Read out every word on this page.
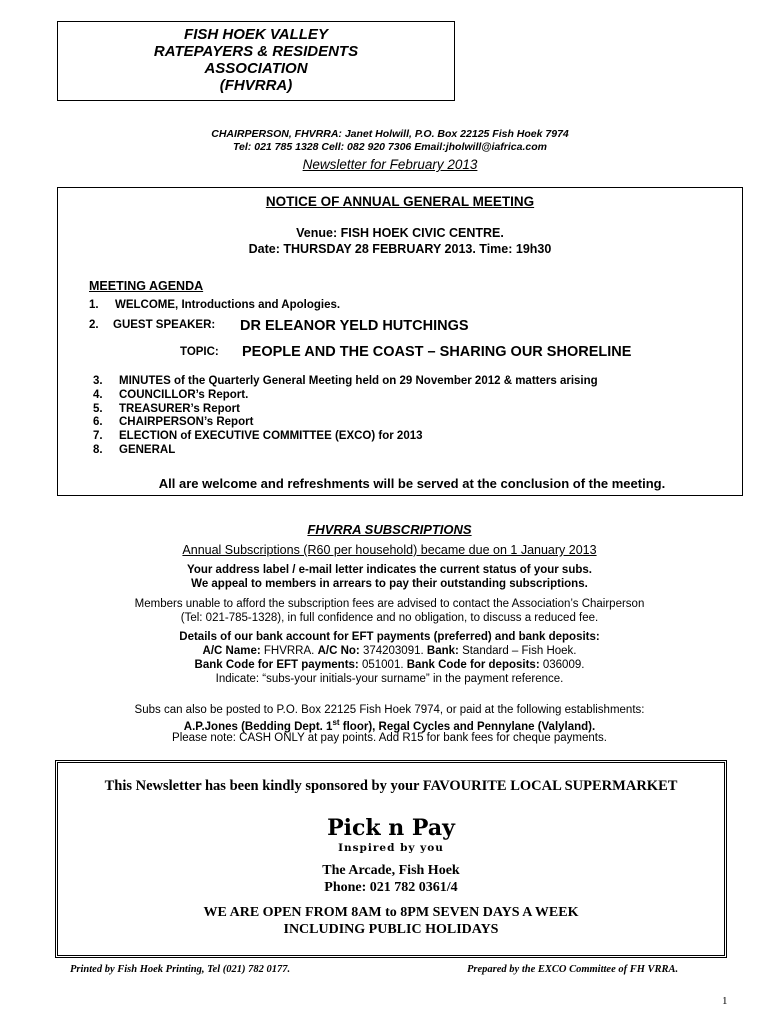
FISH HOEK VALLEY
RATEPAYERS & RESIDENTS
ASSOCIATION
(FHVRRA)
CHAIRPERSON, FHVRRA: Janet Holwill, P.O. Box 22125 Fish Hoek 7974
Tel: 021 785 1328 Cell: 082 920 7306 Email:jholwill@iafrica.com
Newsletter for February 2013
NOTICE OF ANNUAL GENERAL MEETING
Venue: FISH HOEK CIVIC CENTRE.
Date: THURSDAY 28 FEBRUARY 2013. Time: 19h30
MEETING AGENDA
1. WELCOME, Introductions and Apologies.
2. GUEST SPEAKER: DR ELEANOR YELD HUTCHINGS
TOPIC: PEOPLE AND THE COAST – SHARING OUR SHORELINE
3. MINUTES of the Quarterly General Meeting held on 29 November 2012 & matters arising
4. COUNCILLOR’s Report.
5. TREASURER’s Report
6. CHAIRPERSON’s Report
7. ELECTION of EXECUTIVE COMMITTEE (EXCO) for 2013
8. GENERAL
All are welcome and refreshments will be served at the conclusion of the meeting.
FHVRRA SUBSCRIPTIONS
Annual Subscriptions (R60 per household) became due on 1 January 2013
Your address label / e-mail letter indicates the current status of your subs.
We appeal to members in arrears to pay their outstanding subscriptions.
Members unable to afford the subscription fees are advised to contact the Association’s Chairperson
(Tel: 021-785-1328), in full confidence and no obligation, to discuss a reduced fee.
Details of our bank account for EFT payments (preferred) and bank deposits:
A/C Name: FHVRRA. A/C No: 374203091. Bank: Standard – Fish Hoek.
Bank Code for EFT payments: 051001. Bank Code for deposits: 036009.
Indicate: “subs-your initials-your surname” in the payment reference.
Subs can also be posted to P.O. Box 22125 Fish Hoek 7974, or paid at the following establishments:
A.P.Jones (Bedding Dept. 1st floor), Regal Cycles and Pennylane (Valyland).
Please note: CASH ONLY at pay points. Add R15 for bank fees for cheque payments.
This Newsletter has been kindly sponsored by your FAVOURITE LOCAL SUPERMARKET
Pick n Pay
Inspired by you
The Arcade, Fish Hoek
Phone: 021 782 0361/4
WE ARE OPEN FROM 8AM to 8PM SEVEN DAYS A WEEK
INCLUDING PUBLIC HOLIDAYS
Printed by Fish Hoek Printing, Tel (021) 782 0177.	Prepared by the EXCO Committee of FH VRRA.
1
